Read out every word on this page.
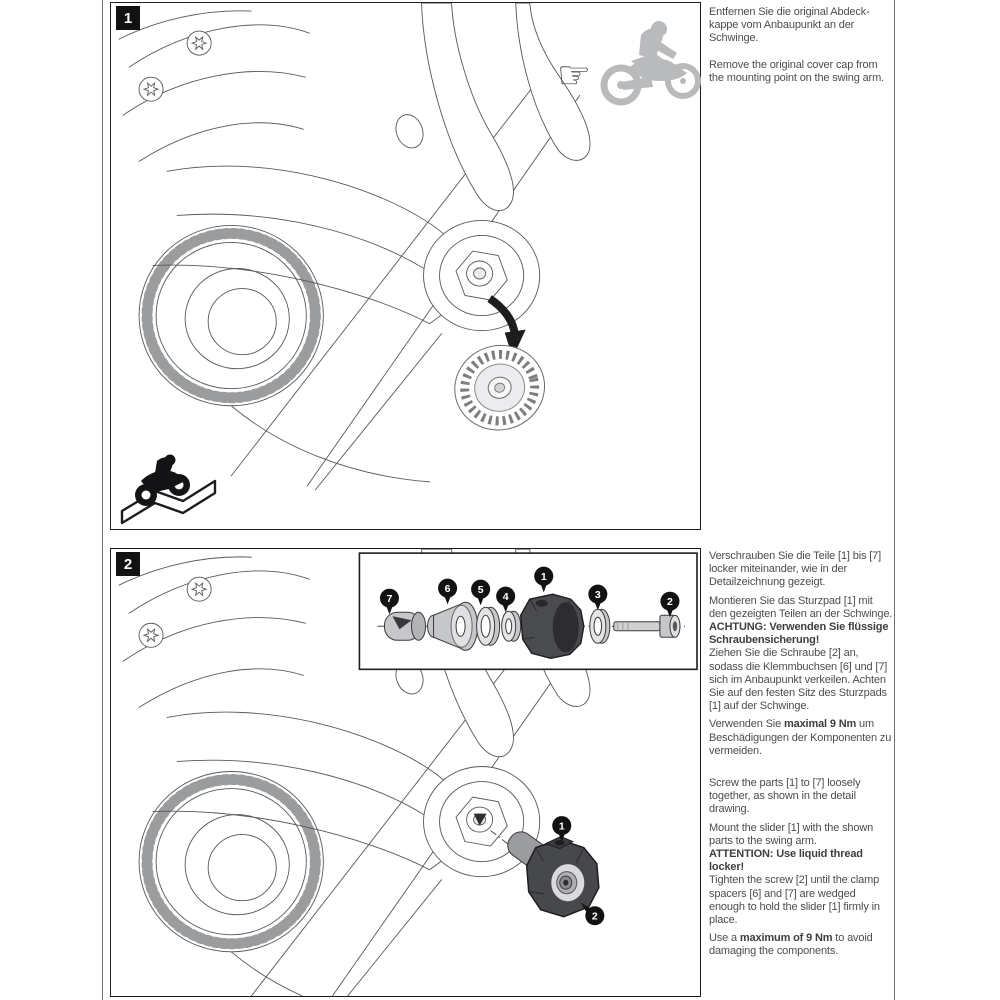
☞
1	Entfernen Sie die original Abdeck-kappe vom Anbaupunkt an der Schwinge.

Remove the original cover cap from the mounting point on the swing arm.

1
2
7
6	5
4
1
3
2
2	Verschrauben Sie die Teile [1] bis [7] locker miteinander, wie in der Detailzeichnung gezeigt.

Montieren Sie das Sturzpad [1] mit den gezeigten Teilen an der Schwinge.
ACHTUNG: Verwenden Sie flüssige Schraubensicherung!
Ziehen Sie die Schraube [2] an, sodass die Klemmbuchsen [6] und [7] sich im Anbaupunkt verkeilen. Achten Sie auf den festen Sitz des Sturzpads [1] auf der Schwinge.

Verwenden Sie maximal 9 Nm um Beschädigungen der Komponenten zu vermeiden.

Screw the parts [1] to [7] loosely together, as shown in the detail drawing.

Mount the slider [1] with the shown parts to the swing arm.
ATTENTION: Use liquid thread locker!
Tighten the screw [2] until the clamp spacers [6] and [7] are wedged enough to hold the slider [1] firmly in place.

Use a maximum of 9 Nm to avoid damaging the components.
